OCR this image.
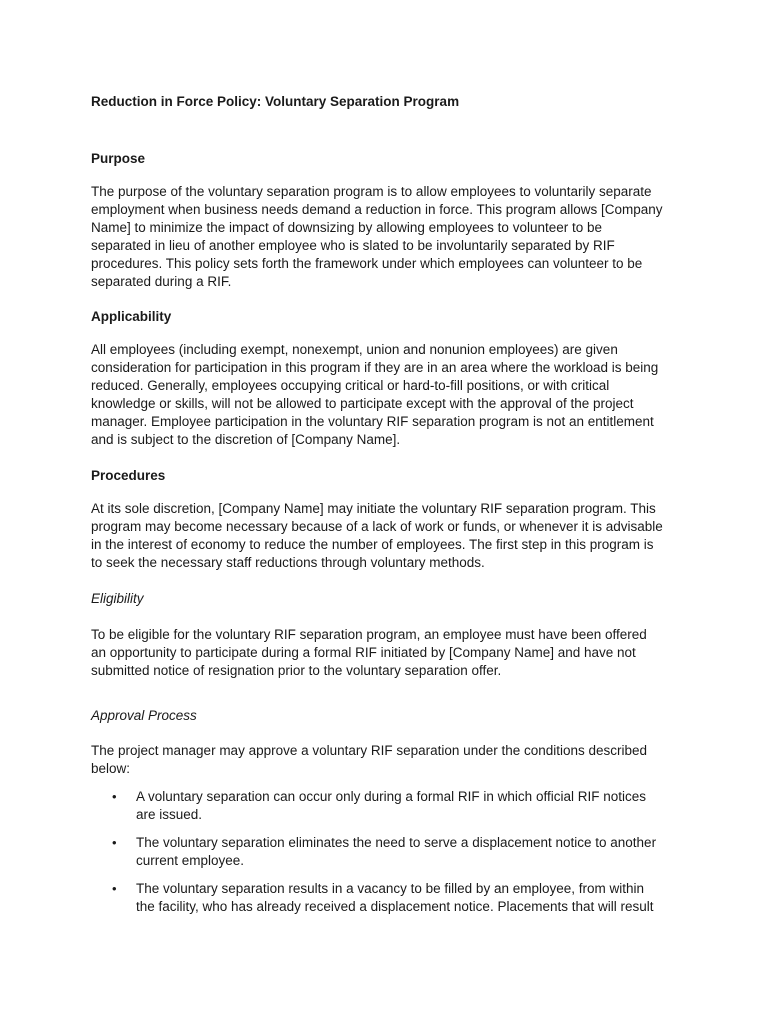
Reduction in Force Policy: Voluntary Separation Program
Purpose

The purpose of the voluntary separation program is to allow employees to voluntarily separate
employment when business needs demand a reduction in force. This program allows [Company
Name] to minimize the impact of downsizing by allowing employees to volunteer to be
separated in lieu of another employee who is slated to be involuntarily separated by RIF
procedures. This policy sets forth the framework under which employees can volunteer to be
separated during a RIF.

Applicability

All employees (including exempt, nonexempt, union and nonunion employees) are given
consideration for participation in this program if they are in an area where the workload is being
reduced. Generally, employees occupying critical or hard-to-fill positions, or with critical
knowledge or skills, will not be allowed to participate except with the approval of the project
manager. Employee participation in the voluntary RIF separation program is not an entitlement
and is subject to the discretion of [Company Name].

Procedures

At its sole discretion, [Company Name] may initiate the voluntary RIF separation program. This
program may become necessary because of a lack of work or funds, or whenever it is advisable
in the interest of economy to reduce the number of employees. The first step in this program is
to seek the necessary staff reductions through voluntary methods.

Eligibility

To be eligible for the voluntary RIF separation program, an employee must have been offered
an opportunity to participate during a formal RIF initiated by [Company Name] and have not
submitted notice of resignation prior to the voluntary separation offer.

Approval Process

The project manager may approve a voluntary RIF separation under the conditions described
below:

• A voluntary separation can occur only during a formal RIF in which official RIF notices
are issued.
• The voluntary separation eliminates the need to serve a displacement notice to another
current employee.
• The voluntary separation results in a vacancy to be filled by an employee, from within
the facility, who has already received a displacement notice. Placements that will result
